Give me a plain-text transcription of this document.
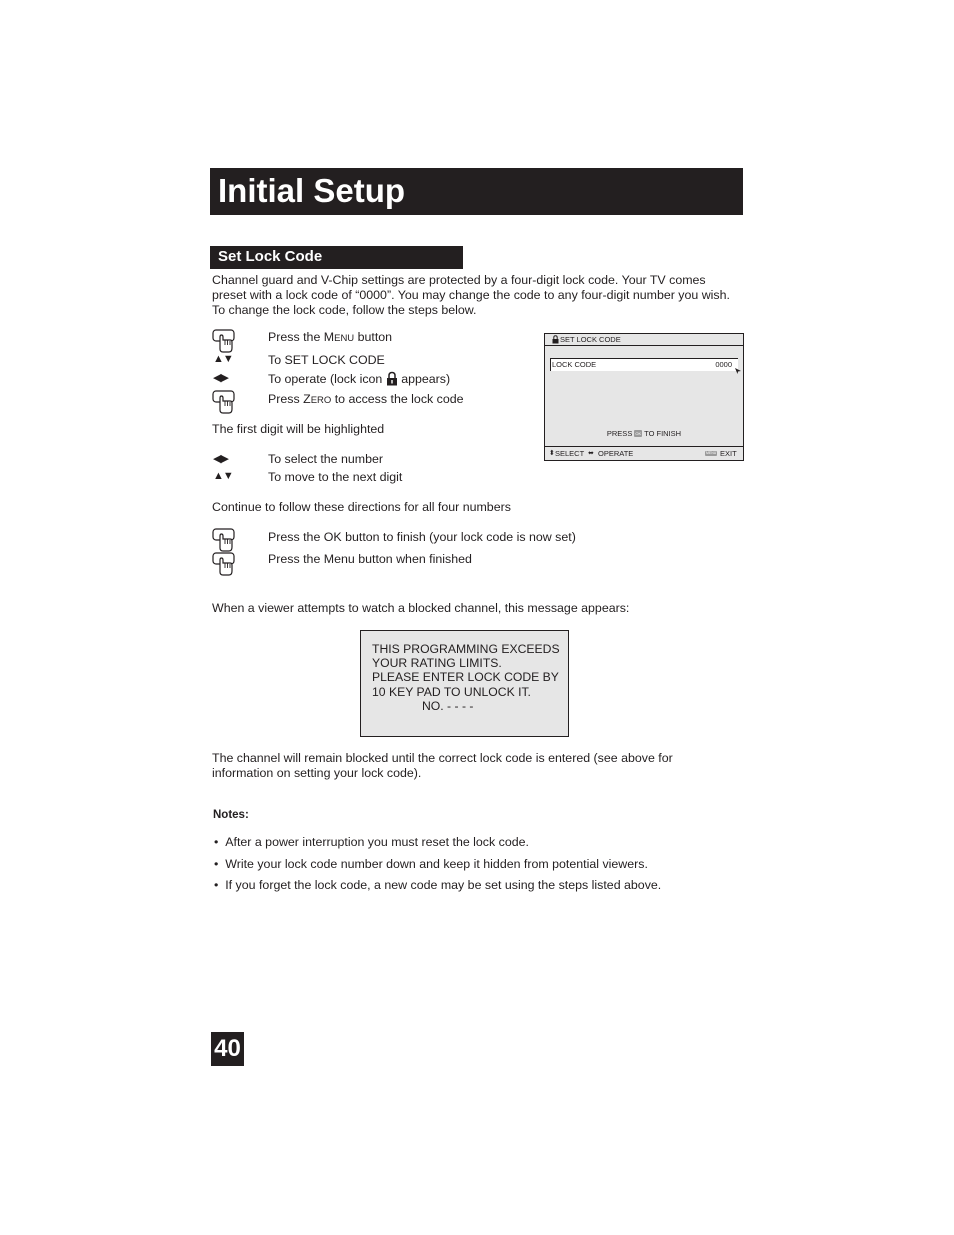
Initial Setup
Set Lock Code
Channel guard and V-Chip settings are protected by a four-digit lock code. Your TV comes
preset with a lock code of “0000”. You may change the code to any four-digit number you wish.
To change the lock code, follow the steps below.
Press the MENU button
▲▼	To SET LOCK CODE
◀▶	To operate (lock icon  appears)
Press ZERO to access the lock code
The first digit will be highlighted
◀▶	To select the number
▲▼	To move to the next digit
Continue to follow these directions for all four numbers
Press the OK button to finish (your lock code is now set)
Press the Menu button when finished
SET LOCK CODE
LOCK CODE	0000
PRESS OK TO FINISH
⬍ SELECT ⬌ OPERATE	MENU EXIT
When a viewer attempts to watch a blocked channel, this message appears:
THIS PROGRAMMING EXCEEDS
YOUR RATING LIMITS.
PLEASE ENTER LOCK CODE BY
10 KEY PAD TO UNLOCK IT.
NO. - - - -
The channel will remain blocked until the correct lock code is entered (see above for
information on setting your lock code).
Notes:
•  After a power interruption you must reset the lock code.
•  Write your lock code number down and keep it hidden from potential viewers.
•  If you forget the lock code, a new code may be set using the steps listed above.
40
